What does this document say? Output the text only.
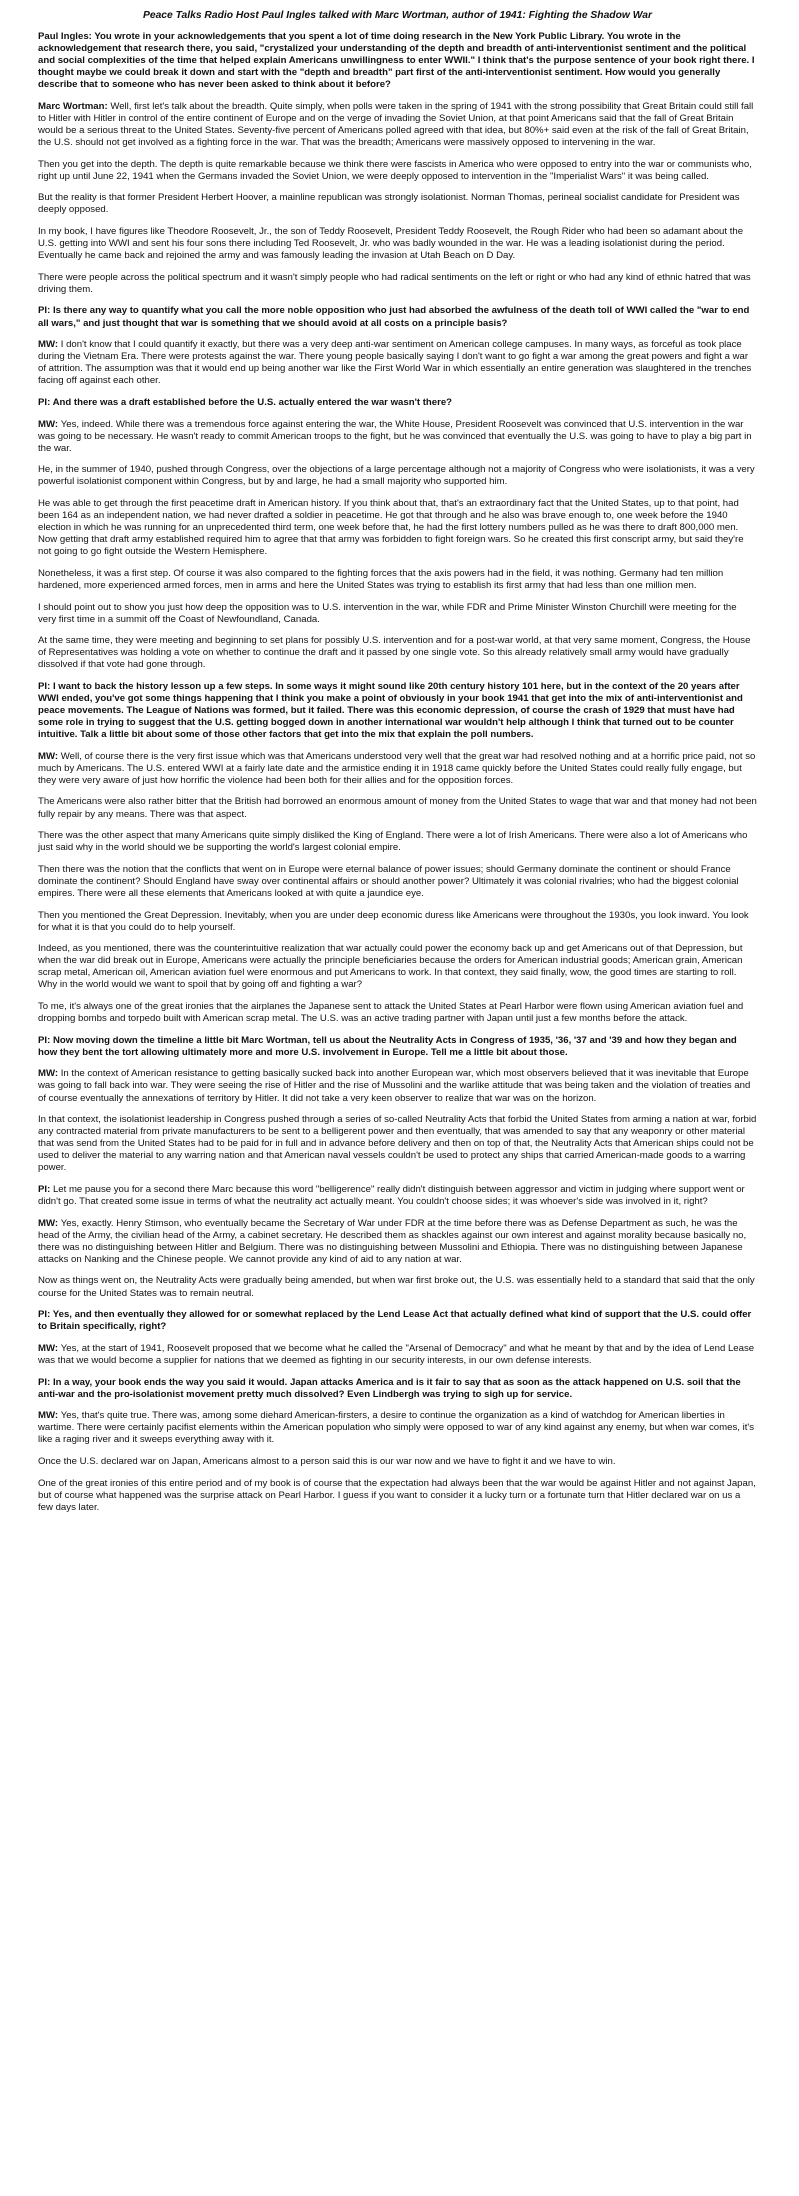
Peace Talks Radio Host Paul Ingles talked with Marc Wortman, author of 1941: Fighting the Shadow War

Paul Ingles: You wrote in your acknowledgements that you spent a lot of time doing research in the New York Public Library. You wrote in the acknowledgement that research there, you said, "crystalized your understanding of the depth and breadth of anti-interventionist sentiment and the political and social complexities of the time that helped explain Americans unwillingness to enter WWII." I think that's the purpose sentence of your book right there. I thought maybe we could break it down and start with the "depth and breadth" part first of the anti-interventionist sentiment. How would you generally describe that to someone who has never been asked to think about it before?

Marc Wortman: Well, first let's talk about the breadth. Quite simply, when polls were taken in the spring of 1941 with the strong possibility that Great Britain could still fall to Hitler with Hitler in control of the entire continent of Europe and on the verge of invading the Soviet Union, at that point Americans said that the fall of Great Britain would be a serious threat to the United States. Seventy-five percent of Americans polled agreed with that idea, but 80%+ said even at the risk of the fall of Great Britain, the U.S. should not get involved as a fighting force in the war. That was the breadth; Americans were massively opposed to intervening in the war.

Then you get into the depth. The depth is quite remarkable because we think there were fascists in America who were opposed to entry into the war or communists who, right up until June 22, 1941 when the Germans invaded the Soviet Union, we were deeply opposed to intervention in the "Imperialist Wars" it was being called.

But the reality is that former President Herbert Hoover, a mainline republican was strongly isolationist. Norman Thomas, perineal socialist candidate for President was deeply opposed.

In my book, I have figures like Theodore Roosevelt, Jr., the son of Teddy Roosevelt, President Teddy Roosevelt, the Rough Rider who had been so adamant about the U.S. getting into WWI and sent his four sons there including Ted Roosevelt, Jr. who was badly wounded in the war. He was a leading isolationist during the period. Eventually he came back and rejoined the army and was famously leading the invasion at Utah Beach on D Day.

There were people across the political spectrum and it wasn't simply people who had radical sentiments on the left or right or who had any kind of ethnic hatred that was driving them.

PI: Is there any way to quantify what you call the more noble opposition who just had absorbed the awfulness of the death toll of WWI called the "war to end all wars," and just thought that war is something that we should avoid at all costs on a principle basis?

MW: I don't know that I could quantify it exactly, but there was a very deep anti-war sentiment on American college campuses. In many ways, as forceful as took place during the Vietnam Era. There were protests against the war. There young people basically saying I don't want to go fight a war among the great powers and fight a war of attrition. The assumption was that it would end up being another war like the First World War in which essentially an entire generation was slaughtered in the trenches facing off against each other.

PI: And there was a draft established before the U.S. actually entered the war wasn't there?

MW: Yes, indeed. While there was a tremendous force against entering the war, the White House, President Roosevelt was convinced that U.S. intervention in the war was going to be necessary. He wasn't ready to commit American troops to the fight, but he was convinced that eventually the U.S. was going to have to play a big part in the war.

He, in the summer of 1940, pushed through Congress, over the objections of a large percentage although not a majority of Congress who were isolationists, it was a very powerful isolationist component within Congress, but by and large, he had a small majority who supported him.

He was able to get through the first peacetime draft in American history. If you think about that, that's an extraordinary fact that the United States, up to that point, had been 164 as an independent nation, we had never drafted a soldier in peacetime. He got that through and he also was brave enough to, one week before the 1940 election in which he was running for an unprecedented third term, one week before that, he had the first lottery numbers pulled as he was there to draft 800,000 men. Now getting that draft army established required him to agree that that army was forbidden to fight foreign wars. So he created this first conscript army, but said they're not going to go fight outside the Western Hemisphere.

Nonetheless, it was a first step. Of course it was also compared to the fighting forces that the axis powers had in the field, it was nothing. Germany had ten million hardened, more experienced armed forces, men in arms and here the United States was trying to establish its first army that had less than one million men.

I should point out to show you just how deep the opposition was to U.S. intervention in the war, while FDR and Prime Minister Winston Churchill were meeting for the very first time in a summit off the Coast of Newfoundland, Canada.

At the same time, they were meeting and beginning to set plans for possibly U.S. intervention and for a post-war world, at that very same moment, Congress, the House of Representatives was holding a vote on whether to continue the draft and it passed by one single vote. So this already relatively small army would have gradually dissolved if that vote had gone through.

PI: I want to back the history lesson up a few steps. In some ways it might sound like 20th century history 101 here, but in the context of the 20 years after WWI ended, you've got some things happening that I think you make a point of obviously in your book 1941 that get into the mix of anti-interventionist and peace movements. The League of Nations was formed, but it failed. There was this economic depression, of course the crash of 1929 that must have had some role in trying to suggest that the U.S. getting bogged down in another international war wouldn't help although I think that turned out to be counter intuitive. Talk a little bit about some of those other factors that get into the mix that explain the poll numbers.

MW: Well, of course there is the very first issue which was that Americans understood very well that the great war had resolved nothing and at a horrific price paid, not so much by Americans. The U.S. entered WWI at a fairly late date and the armistice ending it in 1918 came quickly before the United States could really fully engage, but they were very aware of just how horrific the violence had been both for their allies and for the opposition forces.

The Americans were also rather bitter that the British had borrowed an enormous amount of money from the United States to wage that war and that money had not been fully repair by any means. There was that aspect.

There was the other aspect that many Americans quite simply disliked the King of England. There were a lot of Irish Americans. There were also a lot of Americans who just said why in the world should we be supporting the world's largest colonial empire.

Then there was the notion that the conflicts that went on in Europe were eternal balance of power issues; should Germany dominate the continent or should France dominate the continent? Should England have sway over continental affairs or should another power? Ultimately it was colonial rivalries; who had the biggest colonial empires. There were all these elements that Americans looked at with quite a jaundice eye.

Then you mentioned the Great Depression. Inevitably, when you are under deep economic duress like Americans were throughout the 1930s, you look inward. You look for what it is that you could do to help yourself.

Indeed, as you mentioned, there was the counterintuitive realization that war actually could power the economy back up and get Americans out of that Depression, but when the war did break out in Europe, Americans were actually the principle beneficiaries because the orders for American industrial goods; American grain, American scrap metal, American oil, American aviation fuel were enormous and put Americans to work. In that context, they said finally, wow, the good times are starting to roll. Why in the world would we want to spoil that by going off and fighting a war?

To me, it's always one of the great ironies that the airplanes the Japanese sent to attack the United States at Pearl Harbor were flown using American aviation fuel and dropping bombs and torpedo built with American scrap metal. The U.S. was an active trading partner with Japan until just a few months before the attack.

PI: Now moving down the timeline a little bit Marc Wortman, tell us about the Neutrality Acts in Congress of 1935, '36, '37 and '39 and how they began and how they bent the tort allowing ultimately more and more U.S. involvement in Europe. Tell me a little bit about those.

MW: In the context of American resistance to getting basically sucked back into another European war, which most observers believed that it was inevitable that Europe was going to fall back into war. They were seeing the rise of Hitler and the rise of Mussolini and the warlike attitude that was being taken and the violation of treaties and of course eventually the annexations of territory by Hitler. It did not take a very keen observer to realize that war was on the horizon.

In that context, the isolationist leadership in Congress pushed through a series of so-called Neutrality Acts that forbid the United States from arming a nation at war, forbid any contracted material from private manufacturers to be sent to a belligerent power and then eventually, that was amended to say that any weaponry or other material that was send from the United States had to be paid for in full and in advance before delivery and then on top of that, the Neutrality Acts that American ships could not be used to deliver the material to any warring nation and that American naval vessels couldn't be used to protect any ships that carried American-made goods to a warring power.

PI: Let me pause you for a second there Marc because this word "belligerence" really didn't distinguish between aggressor and victim in judging where support went or didn't go. That created some issue in terms of what the neutrality act actually meant. You couldn't choose sides; it was whoever's side was involved in it, right?

MW: Yes, exactly. Henry Stimson, who eventually became the Secretary of War under FDR at the time before there was as Defense Department as such, he was the head of the Army, the civilian head of the Army, a cabinet secretary. He described them as shackles against our own interest and against morality because basically no, there was no distinguishing between Hitler and Belgium. There was no distinguishing between Mussolini and Ethiopia. There was no distinguishing between Japanese attacks on Nanking and the Chinese people. We cannot provide any kind of aid to any nation at war.

Now as things went on, the Neutrality Acts were gradually being amended, but when war first broke out, the U.S. was essentially held to a standard that said that the only course for the United States was to remain neutral.

PI: Yes, and then eventually they allowed for or somewhat replaced by the Lend Lease Act that actually defined what kind of support that the U.S. could offer to Britain specifically, right?

MW: Yes, at the start of 1941, Roosevelt proposed that we become what he called the "Arsenal of Democracy" and what he meant by that and by the idea of Lend Lease was that we would become a supplier for nations that we deemed as fighting in our security interests, in our own defense interests.

PI: In a way, your book ends the way you said it would. Japan attacks America and is it fair to say that as soon as the attack happened on U.S. soil that the anti-war and the pro-isolationist movement pretty much dissolved? Even Lindbergh was trying to sigh up for service.

MW: Yes, that's quite true. There was, among some diehard American-firsters, a desire to continue the organization as a kind of watchdog for American liberties in wartime. There were certainly pacifist elements within the American population who simply were opposed to war of any kind against any enemy, but when war comes, it's like a raging river and it sweeps everything away with it.

Once the U.S. declared war on Japan, Americans almost to a person said this is our war now and we have to fight it and we have to win.

One of the great ironies of this entire period and of my book is of course that the expectation had always been that the war would be against Hitler and not against Japan, but of course what happened was the surprise attack on Pearl Harbor. I guess if you want to consider it a lucky turn or a fortunate turn that Hitler declared war on us a few days later.
